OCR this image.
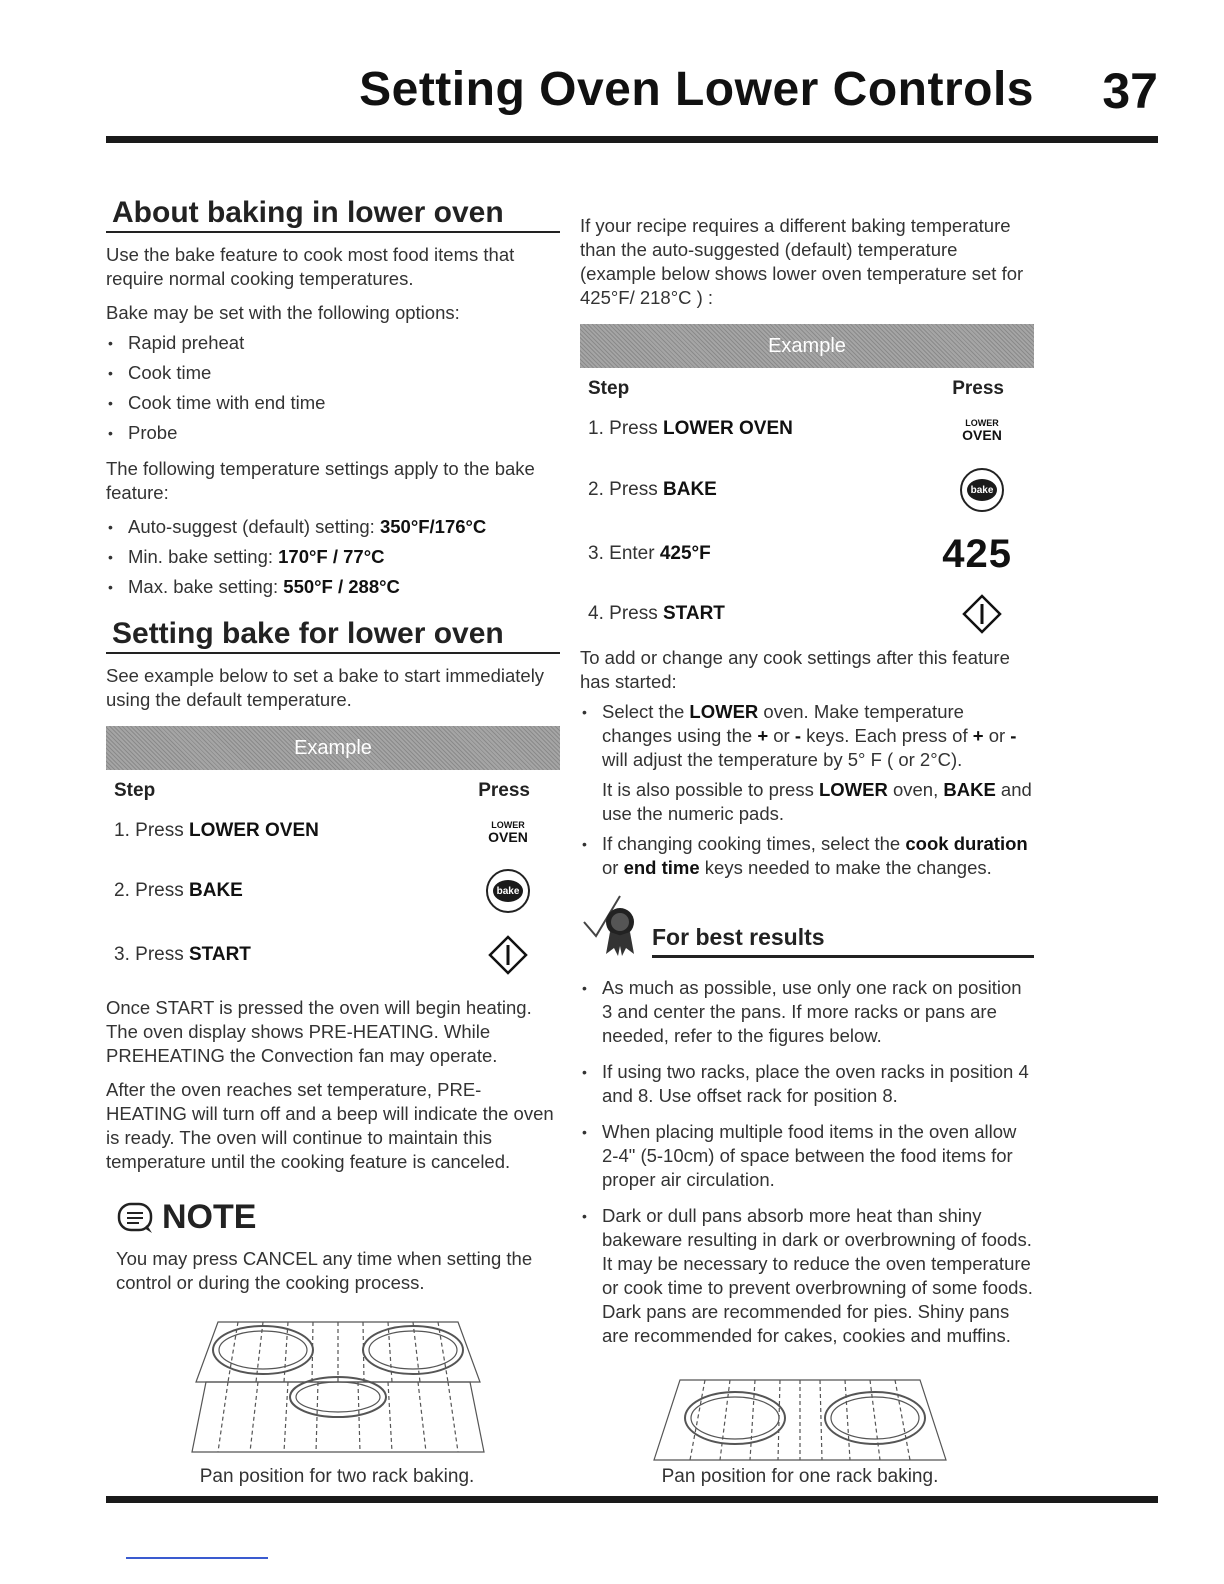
Setting Oven Lower Controls 37
About baking in lower oven

Use the bake feature to cook most food items that require normal cooking temperatures.

Bake may be set with the following options:

• Rapid preheat
• Cook time
• Cook time with end time
• Probe

The following temperature settings apply to the bake feature:

• Auto-suggest (default) setting: 350°F/176°C
• Min. bake setting: 170°F / 77°C
• Max. bake setting: 550°F / 288°C
Setting bake for lower oven

See example below to set a bake to start immediately using the default temperature.

Example
Step	Press
1. Press LOWER OVEN	LOWER
OVEN
2. Press BAKE	bake
3. Press START

Once START is pressed the oven will begin heating. The oven display shows PRE-HEATING. While PREHEATING the Convection fan may operate.

After the oven reaches set temperature, PRE-HEATING will turn off and a beep will indicate the oven is ready. The oven will continue to maintain this temperature until the cooking feature is canceled.

NOTE

You may press CANCEL any time when setting the control or during the cooking process.

Pan position for two rack baking.

If your recipe requires a different baking temperature than the auto-suggested (default) temperature (example below shows lower oven temperature set for 425°F/ 218°C ) :

Example
Step	Press
1. Press LOWER OVEN	LOWER
OVEN
2. Press BAKE	bake
3. Enter 425°F	425
4. Press START

To add or change any cook settings after this feature has started:

• Select the LOWER oven. Make temperature changes using the + or - keys. Each press of + or - will adjust the temperature by 5° F ( or 2°C).
It is also possible to press LOWER oven, BAKE and use the numeric pads.
• If changing cooking times, select the cook duration or end time keys needed to make the changes.
For best results
• As much as possible, use only one rack on position 3 and center the pans. If more racks or pans are needed, refer to the figures below.
• If using two racks, place the oven racks in position 4 and 8. Use offset rack for position 8.
• When placing multiple food items in the oven allow 2-4" (5-10cm) of space between the food items for proper air circulation.
• Dark or dull pans absorb more heat than shiny bakeware resulting in dark or overbrowning of foods. It may be necessary to reduce the oven temperature or cook time to prevent overbrowning of some foods. Dark pans are recommended for pies. Shiny pans are recommended for cakes, cookies and muffins.
Pan position for one rack baking.
